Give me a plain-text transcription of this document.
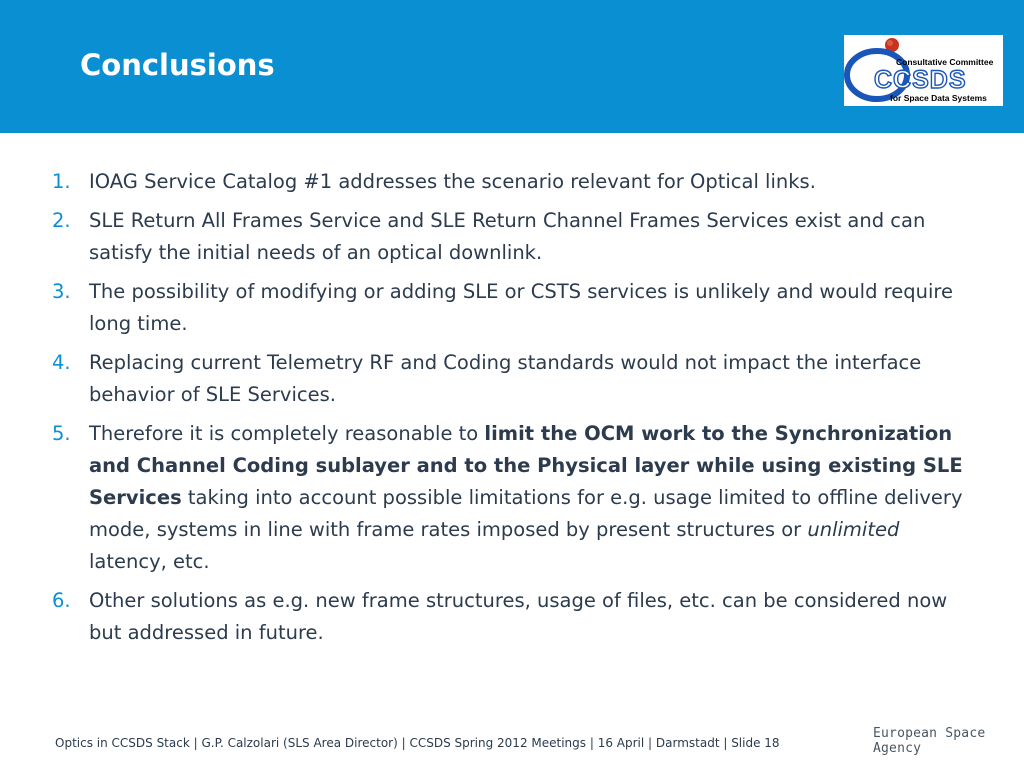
Conclusions	Consultative Committee
CCSDS
for Space Data Systems
1. IOAG Service Catalog #1 addresses the scenario relevant for Optical links.
2. SLE Return All Frames Service and SLE Return Channel Frames Services exist and can satisfy the initial needs of an optical downlink.
3. The possibility of modifying or adding SLE or CSTS services is unlikely and would require long time.
4. Replacing current Telemetry RF and Coding standards would not impact the interface behavior of SLE Services.
5. Therefore it is completely reasonable to limit the OCM work to the Synchronization and Channel Coding sublayer and to the Physical layer while using existing SLE Services taking into account possible limitations for e.g. usage limited to offline delivery mode, systems in line with frame rates imposed by present structures or unlimited latency, etc.
6. Other solutions as e.g. new frame structures, usage of files, etc. can be considered now but addressed in future.
Optics in CCSDS Stack | G.P. Calzolari (SLS Area Director) | CCSDS Spring 2012 Meetings | 16 April | Darmstadt | Slide 18
European Space Agency
